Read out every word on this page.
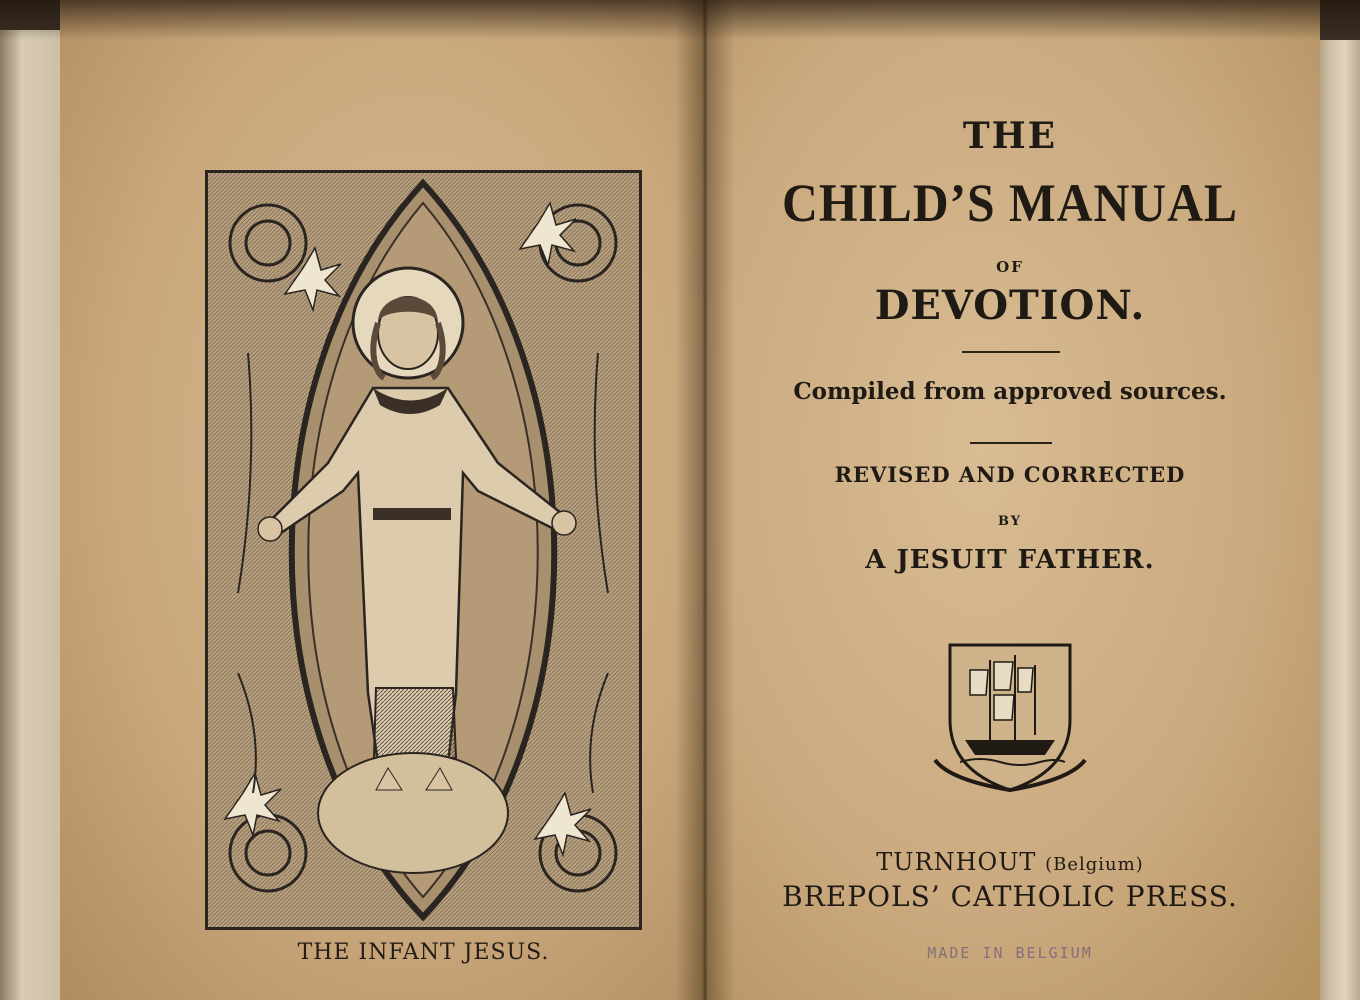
THE INFANT JESUS.
THE
CHILD’S MANUAL
OF
DEVOTION.
Compiled from approved sources.
REVISED AND CORRECTED
BY
A JESUIT FATHER.
TURNHOUT (Belgium)
BREPOLS’ CATHOLIC PRESS.
MADE IN BELGIUM
